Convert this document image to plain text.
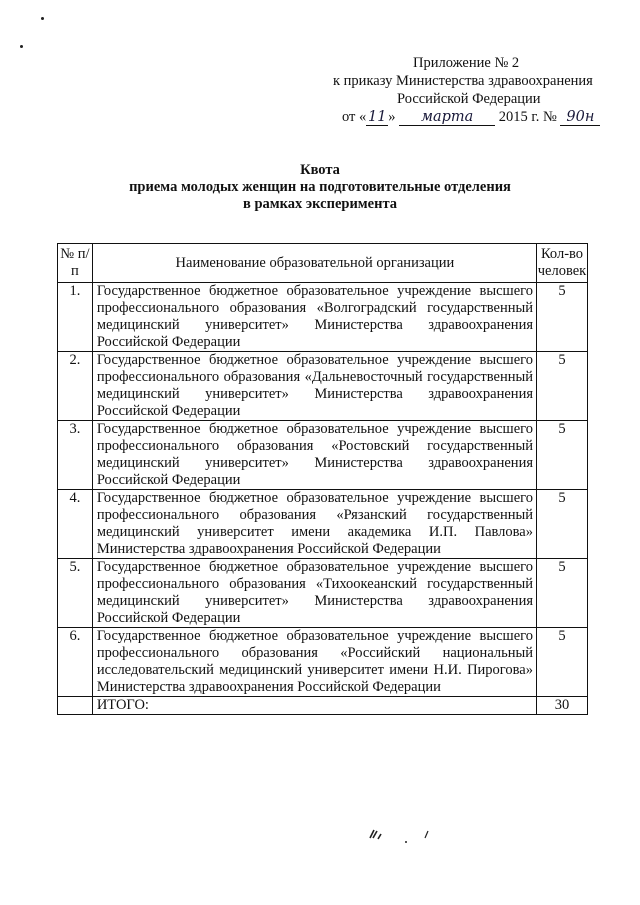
Приложение № 2
к приказу Министерства здравоохранения
Российской Федерации
от « 11 » марта 2015 г. № 90н
Квота
приема молодых женщин на подготовительные отделения
в рамках эксперимента
№ п/п	Наименование образовательной организации	Кол-во человек
1.	Государственное бюджетное образовательное учреждение высшего профессионального образования «Волгоградский государственный медицинский университет» Министерства здравоохранения Российской Федерации	5
2.	Государственное бюджетное образовательное учреждение высшего профессионального образования «Дальневосточный государственный медицинский университет» Министерства здравоохранения Российской Федерации	5
3.	Государственное бюджетное образовательное учреждение высшего профессионального образования «Ростовский государственный медицинский университет» Министерства здравоохранения Российской Федерации	5
4.	Государственное бюджетное образовательное учреждение высшего профессионального образования «Рязанский государственный медицинский университет имени академика И.П. Павлова» Министерства здравоохранения Российской Федерации	5
5.	Государственное бюджетное образовательное учреждение высшего профессионального образования «Тихоокеанский государственный медицинский университет» Министерства здравоохранения Российской Федерации	5
6.	Государственное бюджетное образовательное учреждение высшего профессионального образования «Российский национальный исследовательский медицинский университет имени Н.И. Пирогова» Министерства здравоохранения Российской Федерации	5
	ИТОГО:	30
